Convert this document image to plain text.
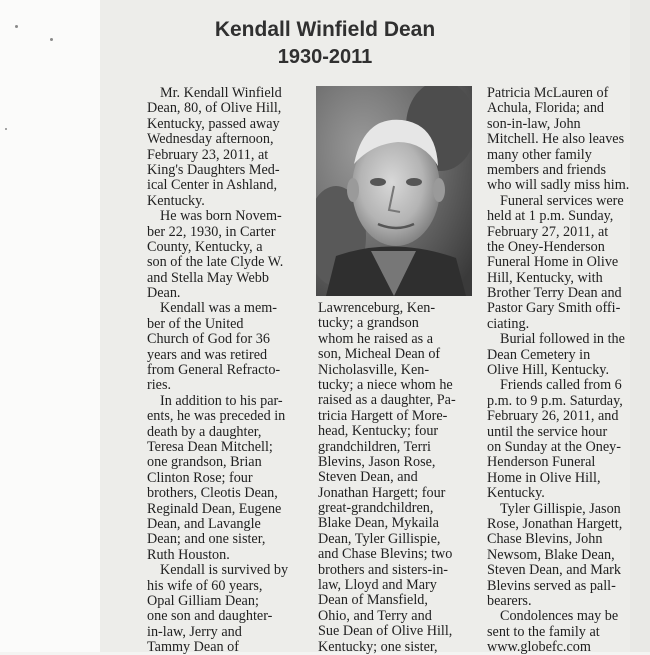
Kendall Winfield Dean
1930-2011
Mr. Kendall Winfield
Dean, 80, of Olive Hill,
Kentucky, passed away
Wednesday afternoon,
February 23, 2011, at
King's Daughters Med-
ical Center in Ashland,
Kentucky.
He was born Novem-
ber 22, 1930, in Carter
County, Kentucky, a
son of the late Clyde W.
and Stella May Webb
Dean.
Kendall was a mem-
ber of the United
Church of God for 36
years and was retired
from General Refracto-
ries.
In addition to his par-
ents, he was preceded in
death by a daughter,
Teresa Dean Mitchell;
one grandson, Brian
Clinton Rose; four
brothers, Cleotis Dean,
Reginald Dean, Eugene
Dean, and Lavangle
Dean; and one sister,
Ruth Houston.
Kendall is survived by
his wife of 60 years,
Opal Gilliam Dean;
one son and daughter-
in-law, Jerry and
Tammy Dean of
Lawrenceburg, Ken-
tucky; a grandson
whom he raised as a
son, Micheal Dean of
Nicholasville, Ken-
tucky; a niece whom he
raised as a daughter, Pa-
tricia Hargett of More-
head, Kentucky; four
grandchildren, Terri
Blevins, Jason Rose,
Steven Dean, and
Jonathan Hargett; four
great-grandchildren,
Blake Dean, Mykaila
Dean, Tyler Gillispie,
and Chase Blevins; two
brothers and sisters-in-
law, Lloyd and Mary
Dean of Mansfield,
Ohio, and Terry and
Sue Dean of Olive Hill,
Kentucky; one sister,
Patricia McLauren of
Achula, Florida; and
son-in-law, John
Mitchell. He also leaves
many other family
members and friends
who will sadly miss him.
Funeral services were
held at 1 p.m. Sunday,
February 27, 2011, at
the Oney-Henderson
Funeral Home in Olive
Hill, Kentucky, with
Brother Terry Dean and
Pastor Gary Smith offi-
ciating.
Burial followed in the
Dean Cemetery in
Olive Hill, Kentucky.
Friends called from 6
p.m. to 9 p.m. Saturday,
February 26, 2011, and
until the service hour
on Sunday at the Oney-
Henderson Funeral
Home in Olive Hill,
Kentucky.
Tyler Gillispie, Jason
Rose, Jonathan Hargett,
Chase Blevins, John
Newsom, Blake Dean,
Steven Dean, and Mark
Blevins served as pall-
bearers.
Condolences may be
sent to the family at
www.globefc.com
